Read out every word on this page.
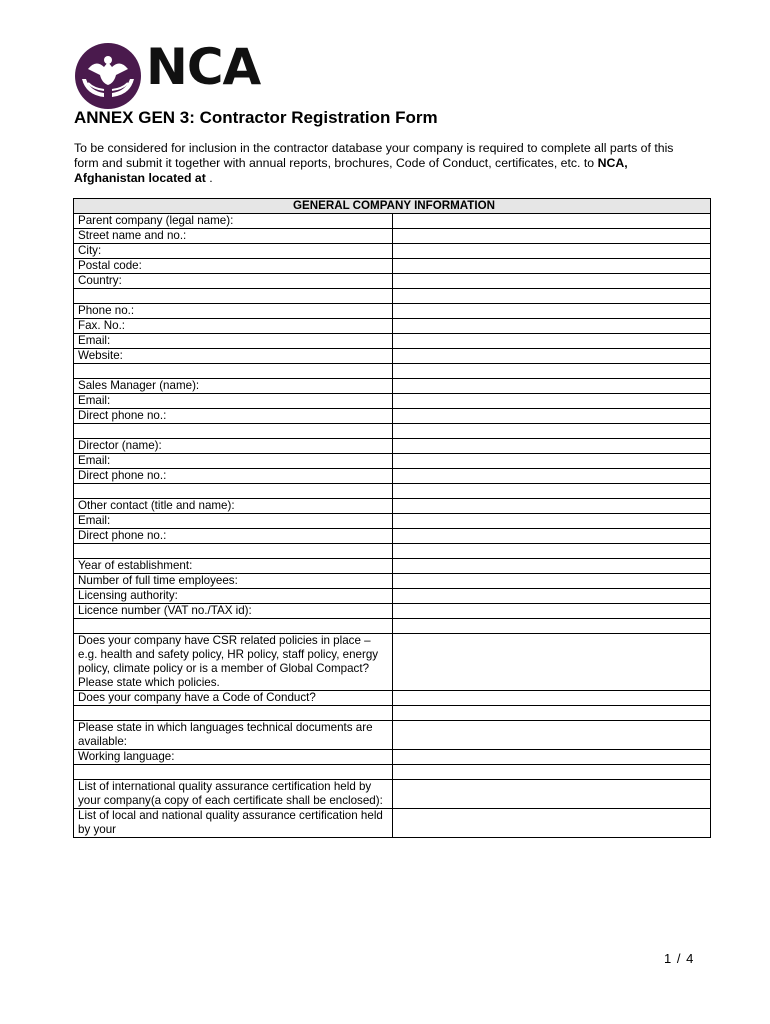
NCA
ANNEX GEN 3: Contractor Registration Form

To be considered for inclusion in the contractor database your company is required to complete all parts of this form and submit it together with annual reports, brochures, Code of Conduct, certificates, etc. to NCA, Afghanistan located at .

GENERAL COMPANY INFORMATION	
Parent company (legal name):	
Street name and no.:	
City:	
Postal code:	
Country:	

Phone no.:	
Fax. No.:	
Email:	
Website:	

Sales Manager (name):	
Email:	
Direct phone no.:	

Director (name):	
Email:	
Direct phone no.:	

Other contact (title and name):	
Email:	
Direct phone no.:	

Year of establishment:	
Number of full time employees:	
Licensing authority:	
Licence number (VAT no./TAX id):	

Does your company have CSR related policies in place – e.g. health and safety policy, HR policy, staff policy, energy policy, climate policy or is a member of Global Compact? Please state which policies.	
Does your company have a Code of Conduct?	

Please state in which languages technical documents are available:	
Working language:	

List of international quality assurance certification held by your company(a copy of each certificate shall be enclosed):	
List of local and national quality assurance certification held by your	
1 / 4
